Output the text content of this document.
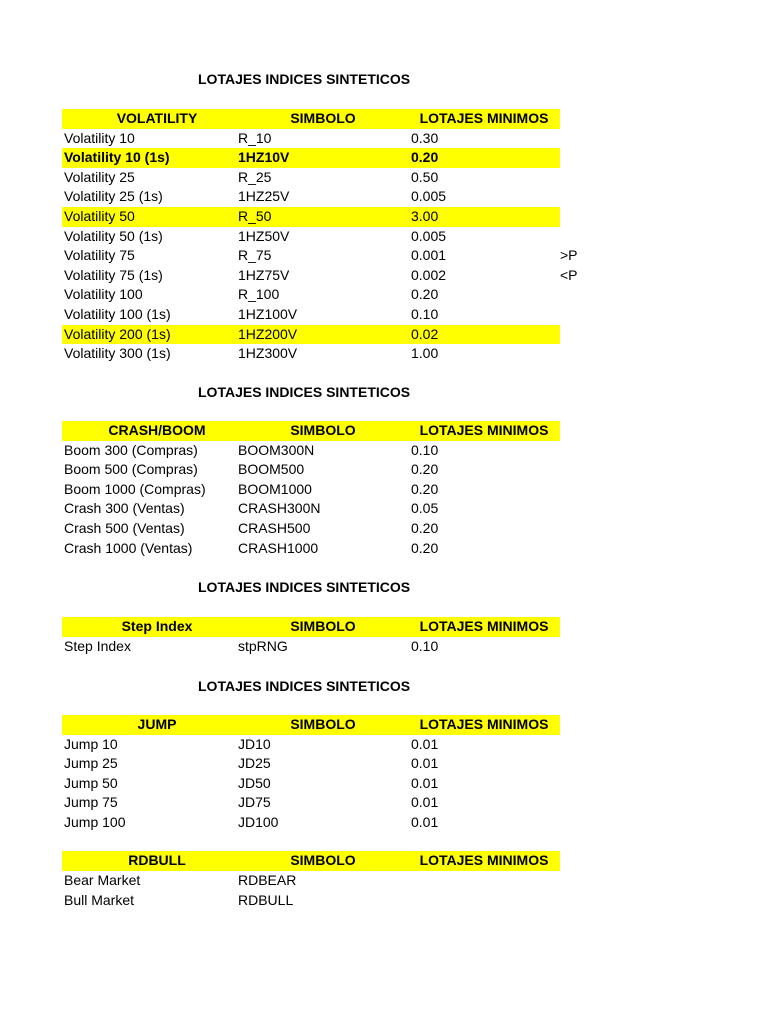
LOTAJES INDICES SINTETICOS
VOLATILITY	SIMBOLO	LOTAJES MINIMOS
Volatility 10	R_10	0.30
Volatility 10 (1s)	1HZ10V	0.20
Volatility 25	R_25	0.50
Volatility 25 (1s)	1HZ25V	0.005
Volatility 50	R_50	3.00
Volatility 50 (1s)	1HZ50V	0.005
Volatility 75	R_75	0.001	>P
Volatility 75 (1s)	1HZ75V	0.002	<P
Volatility 100	R_100	0.20
Volatility 100 (1s)	1HZ100V	0.10
Volatility 200 (1s)	1HZ200V	0.02
Volatility 300 (1s)	1HZ300V	1.00
LOTAJES INDICES SINTETICOS
CRASH/BOOM	SIMBOLO	LOTAJES MINIMOS
Boom 300 (Compras)	BOOM300N	0.10
Boom 500 (Compras)	BOOM500	0.20
Boom 1000 (Compras)	BOOM1000	0.20
Crash 300 (Ventas)	CRASH300N	0.05
Crash 500 (Ventas)	CRASH500	0.20
Crash 1000 (Ventas)	CRASH1000	0.20
LOTAJES INDICES SINTETICOS
Step Index	SIMBOLO	LOTAJES MINIMOS
Step Index	stpRNG	0.10
LOTAJES INDICES SINTETICOS
JUMP	SIMBOLO	LOTAJES MINIMOS
Jump 10	JD10	0.01
Jump 25	JD25	0.01
Jump 50	JD50	0.01
Jump 75	JD75	0.01
Jump 100	JD100	0.01
RDBULL	SIMBOLO	LOTAJES MINIMOS
Bear Market	RDBEAR
Bull Market	RDBULL
